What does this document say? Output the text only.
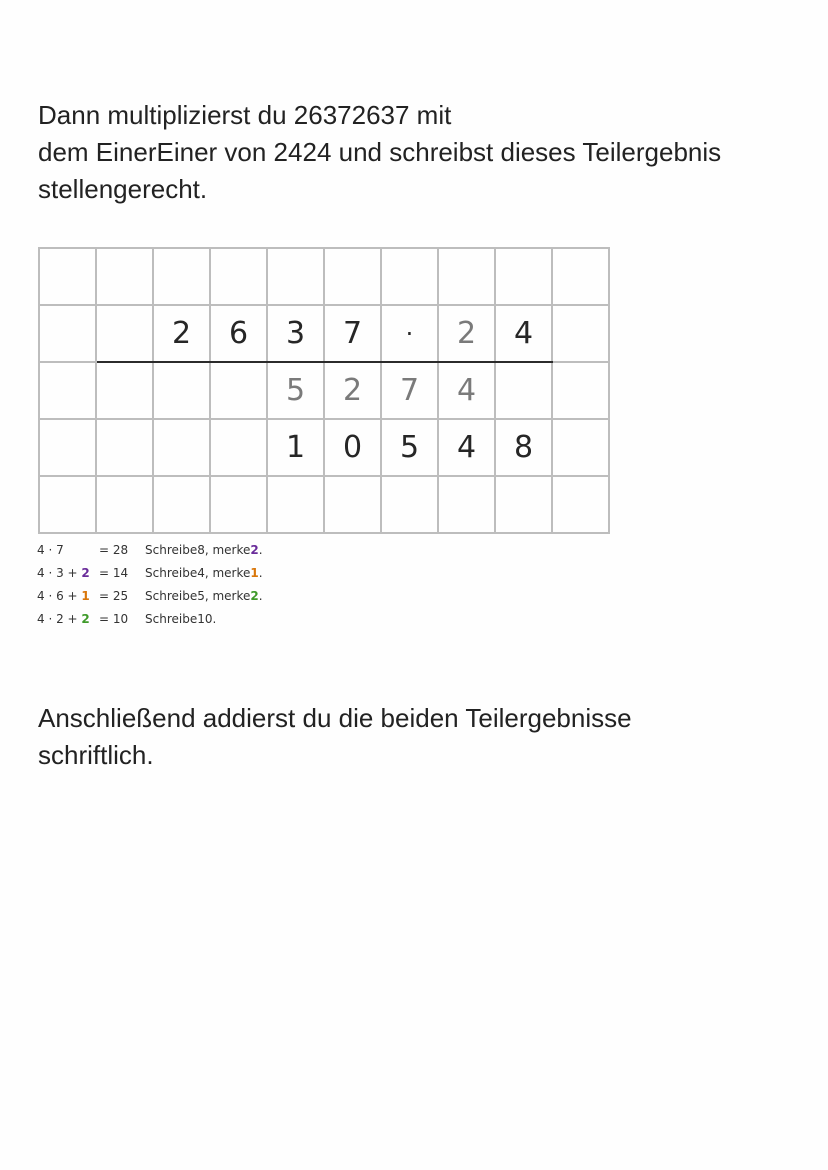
Dann multiplizierst du 26372637 mit
dem EinerEiner von 2424 und schreibst dieses Teilergebnis
stellengerecht.

		2	6	3	7	·	2	4	
				5	2	7	4		
				1	0	5	4	8	

4 · 7	= 28	Schreibe8, merke2.
4 · 3 + 2	= 14	Schreibe4, merke1.
4 · 6 + 1	= 25	Schreibe5, merke2.
4 · 2 + 2	= 10	Schreibe10.
Anschließend addierst du die beiden Teilergebnisse
schriftlich.
